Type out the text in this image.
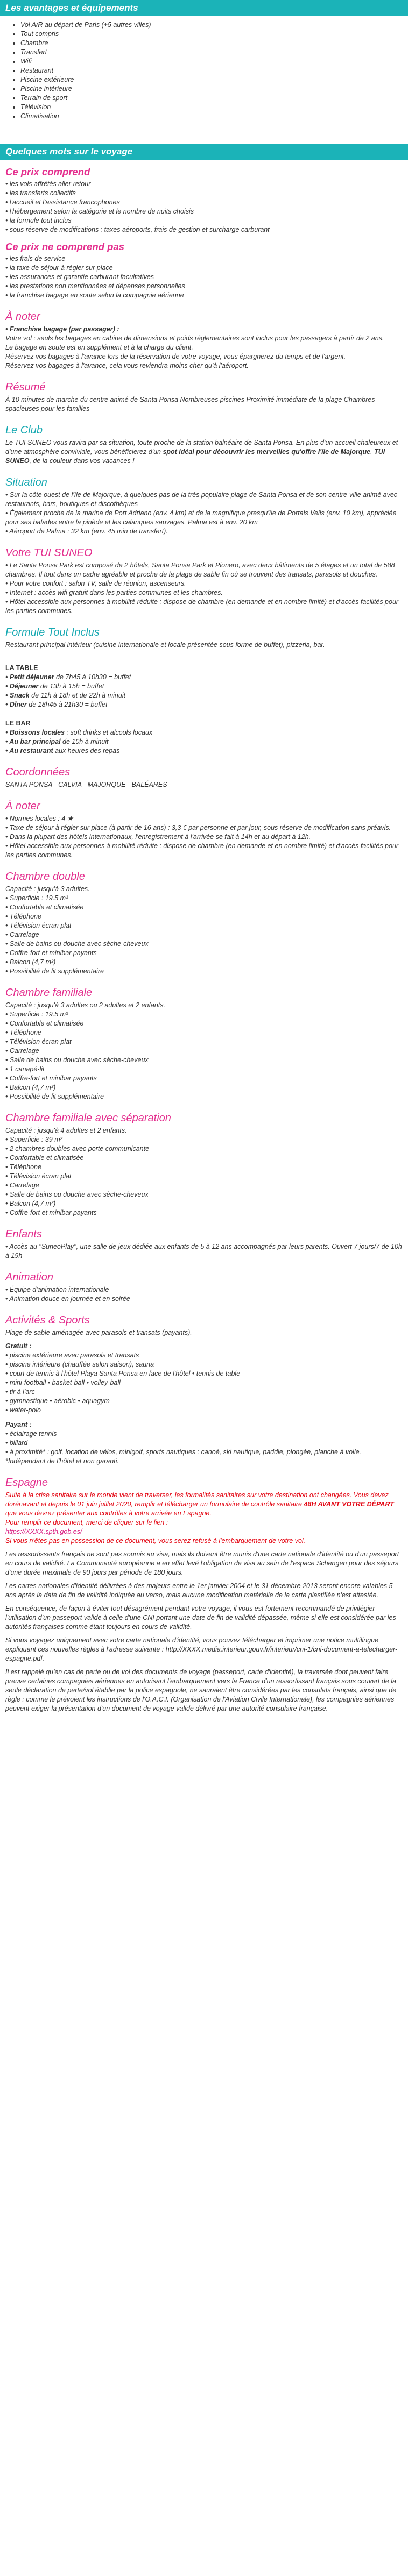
Les avantages et équipements
• Vol A/R au départ de Paris (+5 autres villes)
• Tout compris
• Chambre
• Transfert
• Wifi
• Restaurant
• Piscine extérieure
• Piscine intérieure
• Terrain de sport
• Télévision
• Climatisation
Quelques mots sur le voyage
Ce prix comprend
• les vols affrétés aller-retour
• les transferts collectifs
• l'accueil et l'assistance francophones
• l'hébergement selon la catégorie et le nombre de nuits choisis
• la formule tout inclus
• sous réserve de modifications : taxes aéroports, frais de gestion et surcharge carburant
Ce prix ne comprend pas
• les frais de service
• la taxe de séjour à régler sur place
• les assurances et garantie carburant facultatives
• les prestations non mentionnées et dépenses personnelles
• la franchise bagage en soute selon la compagnie aérienne
À noter
• Franchise bagage (par passager) :
Votre vol : seuls les bagages en cabine de dimensions et poids réglementaires sont inclus pour les passagers à partir de 2 ans.
Le bagage en soute est en supplément et à la charge du client.
Réservez vos bagages à l'avance lors de la réservation de votre voyage, vous épargnerez du temps et de l'argent.
Réservez vos bagages à l'avance, cela vous reviendra moins cher qu'à l'aéroport.
Résumé

À 10 minutes de marche du centre animé de Santa Ponsa Nombreuses piscines Proximité immédiate de la plage Chambres spacieuses pour les familles

Le Club

Le TUI SUNEO vous ravira par sa situation, toute proche de la station balnéaire de Santa Ponsa. En plus d'un accueil chaleureux et d'une atmosphère conviviale, vous bénéficierez d'un spot idéal pour découvrir les merveilles qu'offre l'île de Majorque. TUI SUNEO, de la couleur dans vos vacances !

Situation
• Sur la côte ouest de l'île de Majorque, à quelques pas de la très populaire plage de Santa Ponsa et de son centre-ville animé avec restaurants, bars, boutiques et discothèques
• Également proche de la marina de Port Adriano (env. 4 km) et de la magnifique presqu'île de Portals Vells (env. 10 km), appréciée pour ses balades entre la pinède et les calanques sauvages. Palma est à env. 20 km
• Aéroport de Palma : 32 km (env. 45 min de transfert).
Votre TUI SUNEO
• Le Santa Ponsa Park est composé de 2 hôtels, Santa Ponsa Park et Pionero, avec deux bâtiments de 5 étages et un total de 588 chambres. Il tout dans un cadre agréable et proche de la plage de sable fin où se trouvent des transats, parasols et douches.
• Pour votre confort : salon TV, salle de réunion, ascenseurs.
• Internet : accès wifi gratuit dans les parties communes et les chambres.
• Hôtel accessible aux personnes à mobilité réduite : dispose de chambre (en demande et en nombre limité) et d'accès facilités pour les parties communes.
Formule Tout Inclus

Restaurant principal intérieur (cuisine internationale et locale présentée sous forme de buffet), pizzeria, bar.

LA TABLE
• Petit déjeuner de 7h45 à 10h30 = buffet
• Déjeuner de 13h à 15h = buffet
• Snack de 11h à 18h et de 22h à minuit
• Dîner de 18h45 à 21h30 = buffet
LE BAR
• Boissons locales : soft drinks et alcools locaux
• Au bar principal de 10h à minuit
• Au restaurant aux heures des repas
Coordonnées

SANTA PONSA - CALVIA - MAJORQUE - BALÉARES

À noter
• Normes locales : 4 ★
• Taxe de séjour à régler sur place (à partir de 16 ans) : 3,3 € par personne et par jour, sous réserve de modification sans préavis.
• Dans la plupart des hôtels internationaux, l'enregistrement à l'arrivée se fait à 14h et au départ à 12h.
• Hôtel accessible aux personnes à mobilité réduite : dispose de chambre (en demande et en nombre limité) et d'accès facilités pour les parties communes.
Chambre double
Capacité : jusqu'à 3 adultes.
• Superficie : 19.5 m²
• Confortable et climatisée
• Téléphone
• Télévision écran plat
• Carrelage
• Salle de bains ou douche avec sèche-cheveux
• Coffre-fort et minibar payants
• Balcon (4,7 m²)
• Possibilité de lit supplémentaire
Chambre familiale
Capacité : jusqu'à 3 adultes ou 2 adultes et 2 enfants.
• Superficie : 19.5 m²
• Confortable et climatisée
• Téléphone
• Télévision écran plat
• Carrelage
• Salle de bains ou douche avec sèche-cheveux
• 1 canapé-lit
• Coffre-fort et minibar payants
• Balcon (4,7 m²)
• Possibilité de lit supplémentaire
Chambre familiale avec séparation
Capacité : jusqu'à 4 adultes et 2 enfants.
• Superficie : 39 m²
• 2 chambres doubles avec porte communicante
• Confortable et climatisée
• Téléphone
• Télévision écran plat
• Carrelage
• Salle de bains ou douche avec sèche-cheveux
• Balcon (4,7 m²)
• Coffre-fort et minibar payants
Enfants

• Accès au "SuneoPlay", une salle de jeux dédiée aux enfants de 5 à 12 ans accompagnés par leurs parents. Ouvert 7 jours/7 de 10h à 19h

Animation
• Équipe d'animation internationale
• Animation douce en journée et en soirée
Activités & Sports

Plage de sable aménagée avec parasols et transats (payants).

Gratuit :
• piscine extérieure avec parasols et transats
• piscine intérieure (chauffée selon saison), sauna
• court de tennis à l'hôtel Playa Santa Ponsa en face de l'hôtel • tennis de table
• mini-football • basket-ball • volley-ball
• tir à l'arc
• gymnastique • aérobic • aquagym
• water-polo
Payant :
• éclairage tennis
• billard
• à proximité* : golf, location de vélos, minigolf, sports nautiques : canoë, ski nautique, paddle, plongée, planche à voile.
*Indépendant de l'hôtel et non garanti.
Espagne

Suite à la crise sanitaire sur le monde vient de traverser, les formalités sanitaires sur votre destination ont changées. Vous devez dorénavant et depuis le 01 juin juillet 2020, remplir et télécharger un formulaire de contrôle sanitaire 48H AVANT VOTRE DÉPART que vous devrez présenter aux contrôles à votre arrivée en Espagne.
Pour remplir ce document, merci de cliquer sur le lien :
https://XXXX.spth.gob.es/
Si vous n'êtes pas en possession de ce document, vous serez refusé à l'embarquement de votre vol.

Les ressortissants français ne sont pas soumis au visa, mais ils doivent être munis d'une carte nationale d'identité ou d'un passeport en cours de validité. La Communauté européenne a en effet levé l'obligation de visa au sein de l'espace Schengen pour des séjours d'une durée maximale de 90 jours par période de 180 jours.

Les cartes nationales d'identité délivrées à des majeurs entre le 1er janvier 2004 et le 31 décembre 2013 seront encore valables 5 ans après la date de fin de validité indiquée au verso, mais aucune modification matérielle de la carte plastifiée n'est attestée.

En conséquence, de façon à éviter tout désagrément pendant votre voyage, il vous est fortement recommandé de privilégier l'utilisation d'un passeport valide à celle d'une CNI portant une date de fin de validité dépassée, même si elle est considérée par les autorités françaises comme étant toujours en cours de validité.

Si vous voyagez uniquement avec votre carte nationale d'identité, vous pouvez télécharger et imprimer une notice multilingue expliquant ces nouvelles règles à l'adresse suivante : http://XXXX.media.interieur.gouv.fr/interieur/cni-1/cni-document-a-telecharger-espagne.pdf.

Il est rappelé qu'en cas de perte ou de vol des documents de voyage (passeport, carte d'identité), la traversée dont peuvent faire preuve certaines compagnies aériennes en autorisant l'embarquement vers la France d'un ressortissant français sous couvert de la seule déclaration de perte/vol établie par la police espagnole, ne sauraient être considérées par les consulats français, ainsi que de règle : comme le prévoient les instructions de l'O.A.C.I. (Organisation de l'Aviation Civile Internationale), les compagnies aériennes peuvent exiger la présentation d'un document de voyage valide délivré par une autorité consulaire française.
